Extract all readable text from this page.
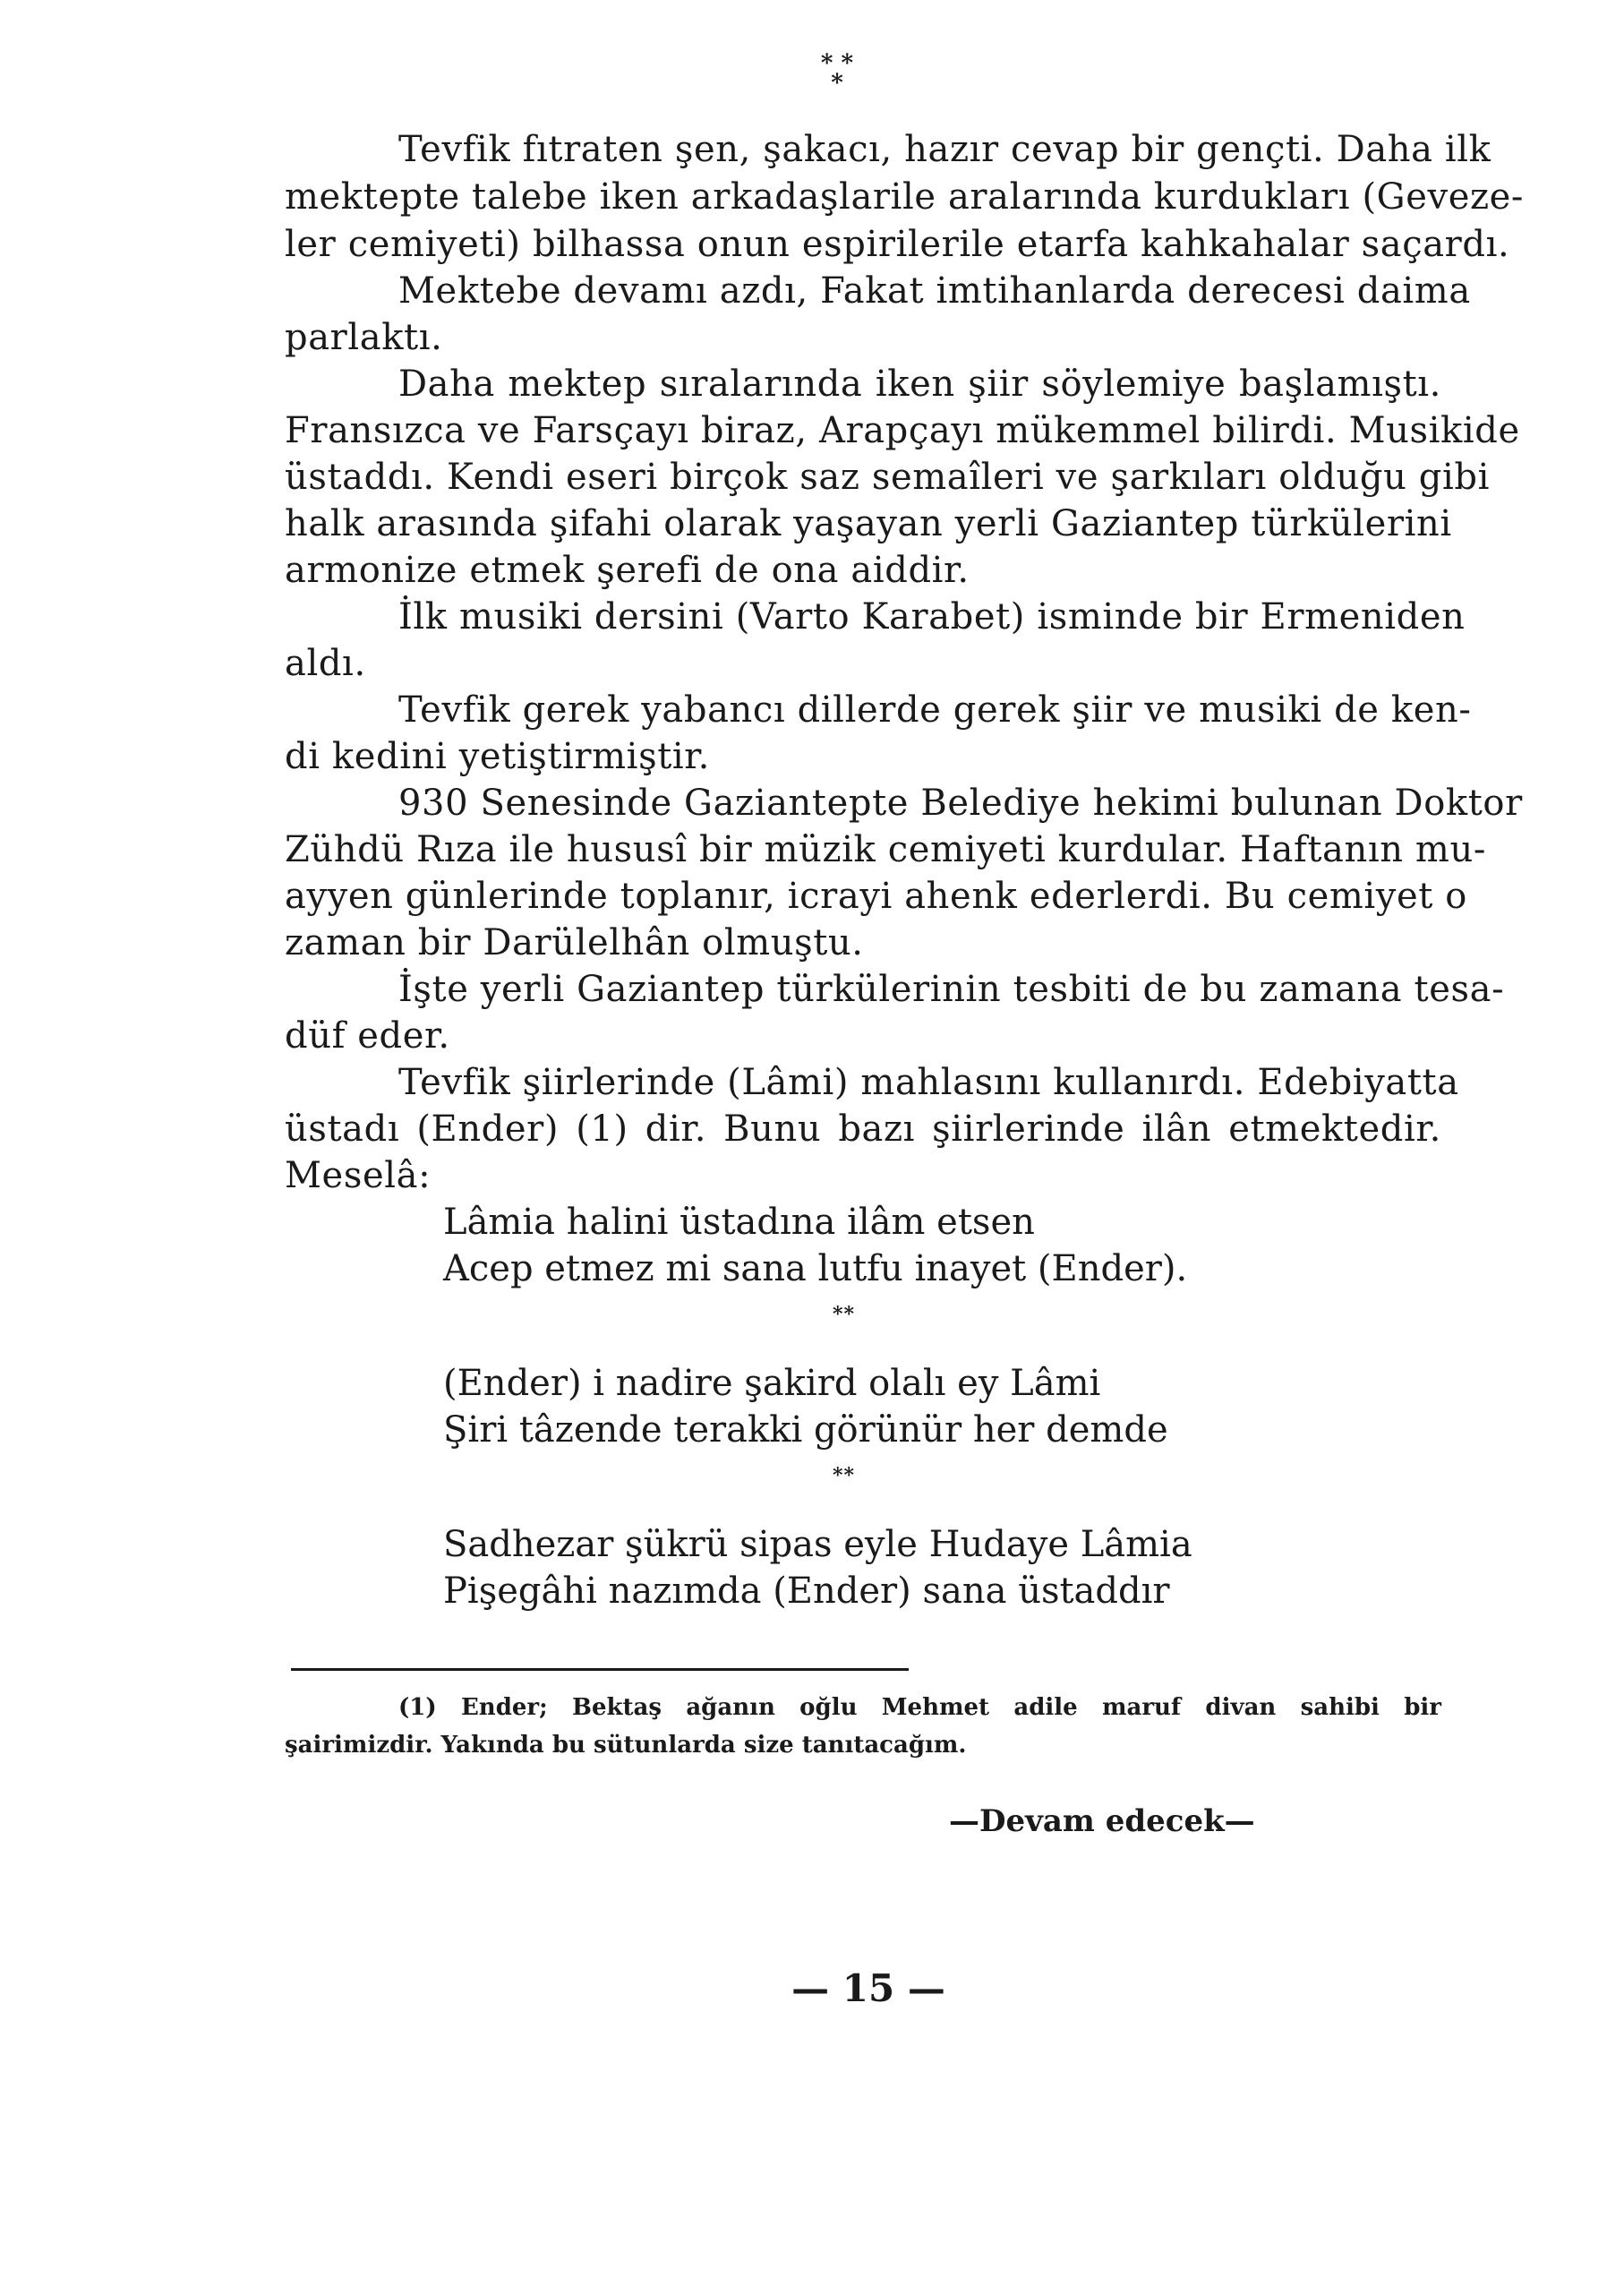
* *
*
Tevfik fıtraten şen, şakacı, hazır cevap bir gençti. Daha ilk
mektepte talebe iken arkadaşlarile aralarında kurdukları (Geveze-
ler cemiyeti) bilhassa onun espirilerile etarfa kahkahalar saçardı.
Mektebe devamı azdı, Fakat imtihanlarda derecesi daima
parlaktı.
Daha mektep sıralarında iken şiir söylemiye başlamıştı.
Fransızca ve Farsçayı biraz, Arapçayı mükemmel bilirdi. Musikide
üstaddı. Kendi eseri birçok saz semaîleri ve şarkıları olduğu gibi
halk arasında şifahi olarak yaşayan yerli Gaziantep türkülerini
armonize etmek şerefi de ona aiddir.
İlk musiki dersini (Varto Karabet) isminde bir Ermeniden
aldı.
Tevfik gerek yabancı dillerde gerek şiir ve musiki de ken-
di kedini yetiştirmiştir.
930 Senesinde Gaziantepte Belediye hekimi bulunan Doktor
Zühdü Rıza ile hususî bir müzik cemiyeti kurdular. Haftanın mu-
ayyen günlerinde toplanır, icrayi ahenk ederlerdi. Bu cemiyet o
zaman bir Darülelhân olmuştu.
İşte yerli Gaziantep türkülerinin tesbiti de bu zamana tesa-
düf eder.
Tevfik şiirlerinde (Lâmi) mahlasını kullanırdı. Edebiyatta
üstadı (Ender) (1) dir. Bunu bazı şiirlerinde ilân etmektedir.
Meselâ:
Lâmia halini üstadına ilâm etsen
Acep etmez mi sana lutfu inayet (Ender).
**
(Ender) i nadire şakird olalı ey Lâmi
Şiri tâzende terakki görünür her demde
**
Sadhezar şükrü sipas eyle Hudaye Lâmia
Pişegâhi nazımda (Ender) sana üstaddır
(1) Ender; Bektaş ağanın oğlu Mehmet adile maruf divan sahibi bir
şairimizdir. Yakında bu sütunlarda size tanıtacağım.
—Devam edecek—
— 15 —
